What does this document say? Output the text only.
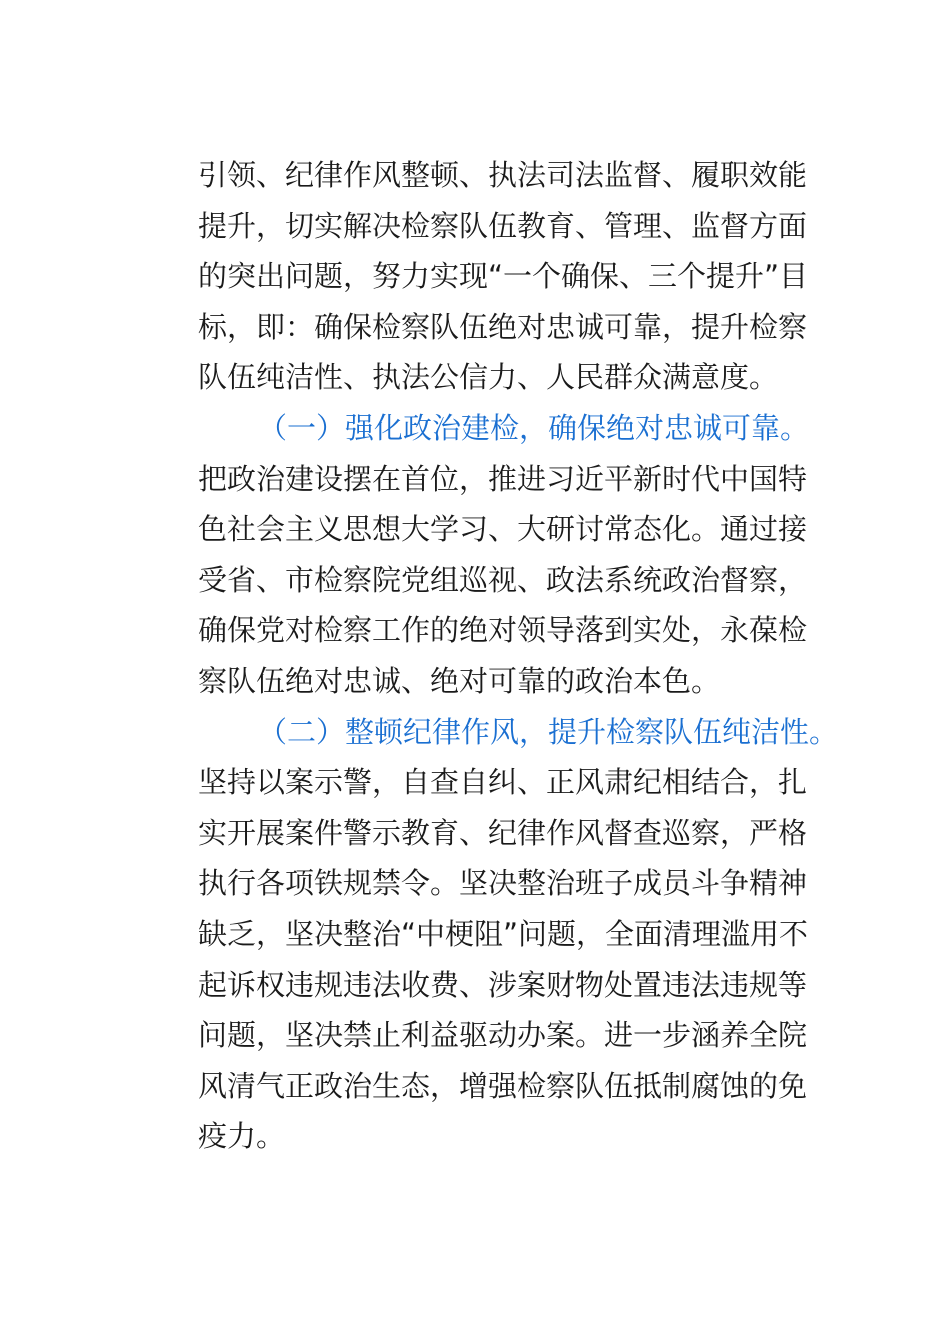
引领、纪律作风整顿、执法司法监督、履职效能
提升，切实解决检察队伍教育、管理、监督方面
的突出问题，努力实现“一个确保、三个提升”目
标，即：确保检察队伍绝对忠诚可靠，提升检察
队伍纯洁性、执法公信力、人民群众满意度。
（一）强化政治建检，确保绝对忠诚可靠。
把政治建设摆在首位，推进习近平新时代中国特
色社会主义思想大学习、大研讨常态化。通过接
受省、市检察院党组巡视、政法系统政治督察，
确保党对检察工作的绝对领导落到实处，永葆检
察队伍绝对忠诚、绝对可靠的政治本色。
（二）整顿纪律作风，提升检察队伍纯洁性。
坚持以案示警，自查自纠、正风肃纪相结合，扎
实开展案件警示教育、纪律作风督查巡察，严格
执行各项铁规禁令。坚决整治班子成员斗争精神
缺乏，坚决整治“中梗阻”问题，全面清理滥用不
起诉权违规违法收费、涉案财物处置违法违规等
问题，坚决禁止利益驱动办案。进一步涵养全院
风清气正政治生态，增强检察队伍抵制腐蚀的免
疫力。
